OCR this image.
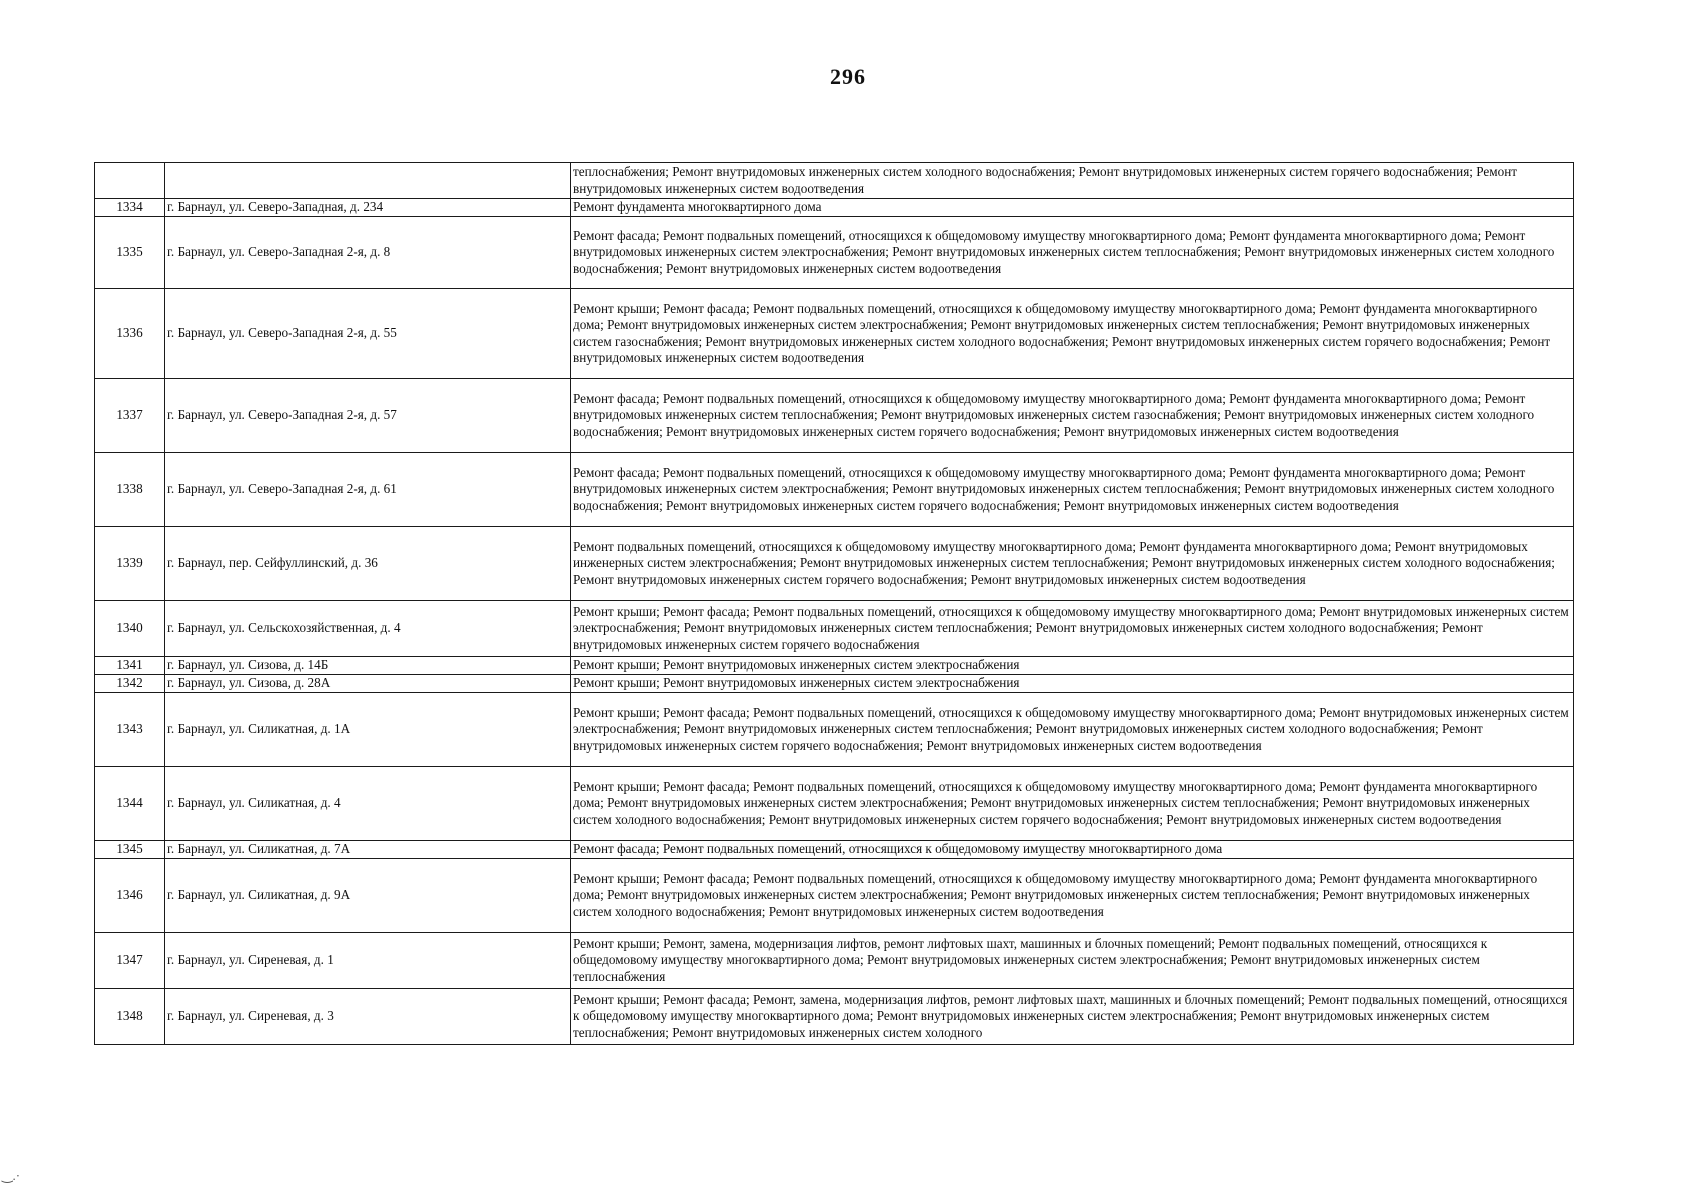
296
		теплоснабжения; Ремонт внутридомовых инженерных систем холодного водоснабжения; Ремонт внутридомовых инженерных систем горячего водоснабжения; Ремонт внутридомовых инженерных систем водоотведения
1334	г. Барнаул, ул. Северо-Западная, д. 234	Ремонт фундамента многоквартирного дома
1335	г. Барнаул, ул. Северо-Западная 2-я, д. 8	Ремонт фасада; Ремонт подвальных помещений, относящихся к общедомовому имуществу многоквартирного дома; Ремонт фундамента многоквартирного дома; Ремонт внутридомовых инженерных систем электроснабжения; Ремонт внутридомовых инженерных систем теплоснабжения; Ремонт внутридомовых инженерных систем холодного водоснабжения; Ремонт внутридомовых инженерных систем водоотведения
1336	г. Барнаул, ул. Северо-Западная 2-я, д. 55	Ремонт крыши; Ремонт фасада; Ремонт подвальных помещений, относящихся к общедомовому имуществу многоквартирного дома; Ремонт фундамента многоквартирного дома; Ремонт внутридомовых инженерных систем электроснабжения; Ремонт внутридомовых инженерных систем теплоснабжения; Ремонт внутридомовых инженерных систем газоснабжения; Ремонт внутридомовых инженерных систем холодного водоснабжения; Ремонт внутридомовых инженерных систем горячего водоснабжения; Ремонт внутридомовых инженерных систем водоотведения
1337	г. Барнаул, ул. Северо-Западная 2-я, д. 57	Ремонт фасада; Ремонт подвальных помещений, относящихся к общедомовому имуществу многоквартирного дома; Ремонт фундамента многоквартирного дома; Ремонт внутридомовых инженерных систем теплоснабжения; Ремонт внутридомовых инженерных систем газоснабжения; Ремонт внутридомовых инженерных систем холодного водоснабжения; Ремонт внутридомовых инженерных систем горячего водоснабжения; Ремонт внутридомовых инженерных систем водоотведения
1338	г. Барнаул, ул. Северо-Западная 2-я, д. 61	Ремонт фасада; Ремонт подвальных помещений, относящихся к общедомовому имуществу многоквартирного дома; Ремонт фундамента многоквартирного дома; Ремонт внутридомовых инженерных систем электроснабжения; Ремонт внутридомовых инженерных систем теплоснабжения; Ремонт внутридомовых инженерных систем холодного водоснабжения; Ремонт внутридомовых инженерных систем горячего водоснабжения; Ремонт внутридомовых инженерных систем водоотведения
1339	г. Барнаул, пер. Сейфуллинский, д. 36	Ремонт подвальных помещений, относящихся к общедомовому имуществу многоквартирного дома; Ремонт фундамента многоквартирного дома; Ремонт внутридомовых инженерных систем электроснабжения; Ремонт внутридомовых инженерных систем теплоснабжения; Ремонт внутридомовых инженерных систем холодного водоснабжения; Ремонт внутридомовых инженерных систем горячего водоснабжения; Ремонт внутридомовых инженерных систем водоотведения
1340	г. Барнаул, ул. Сельскохозяйственная, д. 4	Ремонт крыши; Ремонт фасада; Ремонт подвальных помещений, относящихся к общедомовому имуществу многоквартирного дома; Ремонт внутридомовых инженерных систем электроснабжения; Ремонт внутридомовых инженерных систем теплоснабжения; Ремонт внутридомовых инженерных систем холодного водоснабжения; Ремонт внутридомовых инженерных систем горячего водоснабжения
1341	г. Барнаул, ул. Сизова, д. 14Б	Ремонт крыши; Ремонт внутридомовых инженерных систем электроснабжения
1342	г. Барнаул, ул. Сизова, д. 28А	Ремонт крыши; Ремонт внутридомовых инженерных систем электроснабжения
1343	г. Барнаул, ул. Силикатная, д. 1А	Ремонт крыши; Ремонт фасада; Ремонт подвальных помещений, относящихся к общедомовому имуществу многоквартирного дома; Ремонт внутридомовых инженерных систем электроснабжения; Ремонт внутридомовых инженерных систем теплоснабжения; Ремонт внутридомовых инженерных систем холодного водоснабжения; Ремонт внутридомовых инженерных систем горячего водоснабжения; Ремонт внутридомовых инженерных систем водоотведения
1344	г. Барнаул, ул. Силикатная, д. 4	Ремонт крыши; Ремонт фасада; Ремонт подвальных помещений, относящихся к общедомовому имуществу многоквартирного дома; Ремонт фундамента многоквартирного дома; Ремонт внутридомовых инженерных систем электроснабжения; Ремонт внутридомовых инженерных систем теплоснабжения; Ремонт внутридомовых инженерных систем холодного водоснабжения; Ремонт внутридомовых инженерных систем горячего водоснабжения; Ремонт внутридомовых инженерных систем водоотведения
1345	г. Барнаул, ул. Силикатная, д. 7А	Ремонт фасада; Ремонт подвальных помещений, относящихся к общедомовому имуществу многоквартирного дома
1346	г. Барнаул, ул. Силикатная, д. 9А	Ремонт крыши; Ремонт фасада; Ремонт подвальных помещений, относящихся к общедомовому имуществу многоквартирного дома; Ремонт фундамента многоквартирного дома; Ремонт внутридомовых инженерных систем электроснабжения; Ремонт внутридомовых инженерных систем теплоснабжения; Ремонт внутридомовых инженерных систем холодного водоснабжения; Ремонт внутридомовых инженерных систем водоотведения
1347	г. Барнаул, ул. Сиреневая, д. 1	Ремонт крыши; Ремонт, замена, модернизация лифтов, ремонт лифтовых шахт, машинных и блочных помещений; Ремонт подвальных помещений, относящихся к общедомовому имуществу многоквартирного дома; Ремонт внутридомовых инженерных систем электроснабжения; Ремонт внутридомовых инженерных систем теплоснабжения
1348	г. Барнаул, ул. Сиреневая, д. 3	Ремонт крыши; Ремонт фасада; Ремонт, замена, модернизация лифтов, ремонт лифтовых шахт, машинных и блочных помещений; Ремонт подвальных помещений, относящихся к общедомовому имуществу многоквартирного дома; Ремонт внутридомовых инженерных систем электроснабжения; Ремонт внутридомовых инженерных систем теплоснабжения; Ремонт внутридомовых инженерных систем холодного
‿.·
